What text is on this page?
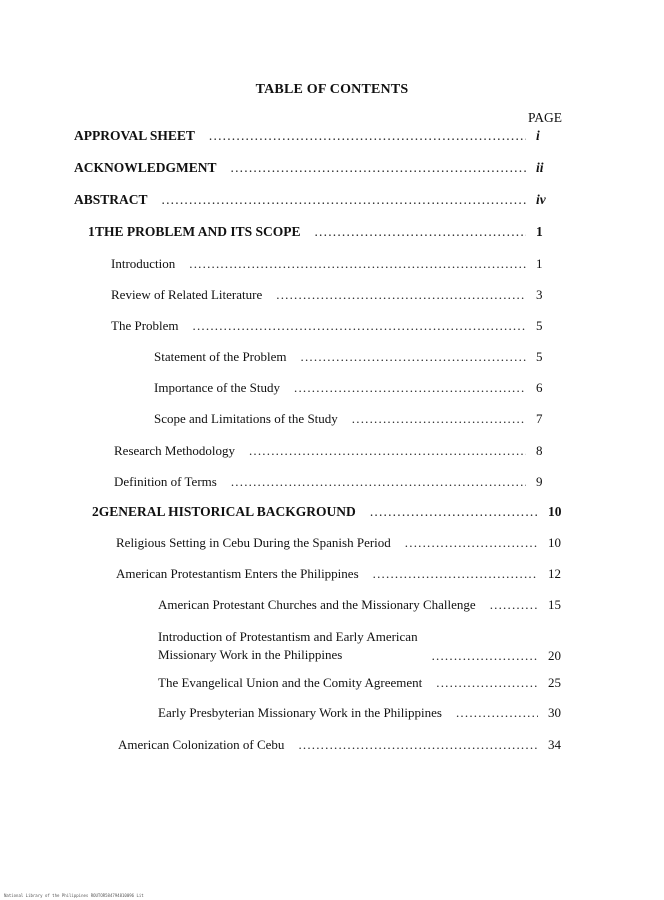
TABLE OF CONTENTS
PAGE
APPROVAL SHEET .....	i
ACKNOWLEDGMENT .....	ii
ABSTRACT .....	iv
1 THE PROBLEM AND ITS SCOPE .....	1
Introduction .....	1
Review of Related Literature .....	3
The Problem .....	5
Statement of the Problem .....	5
Importance of the Study .....	6
Scope and Limitations of the Study .....	7
Research Methodology .....	8
Definition of Terms .....	9
2 GENERAL HISTORICAL BACKGROUND .....	10
Religious Setting in Cebu During the Spanish Period .....	10
American Protestantism Enters the Philippines .....	12
American Protestant Churches and the Missionary Challenge .....	15
Introduction of Protestantism and Early American
Missionary Work in the Philippines .....	20
The Evangelical Union and the Comity Agreement .....	25
Early Presbyterian Missionary Work in the Philippines .....	30
American Colonization of Cebu .....	34
National Library of the Philippines ROUTOR584794810096 Lit
